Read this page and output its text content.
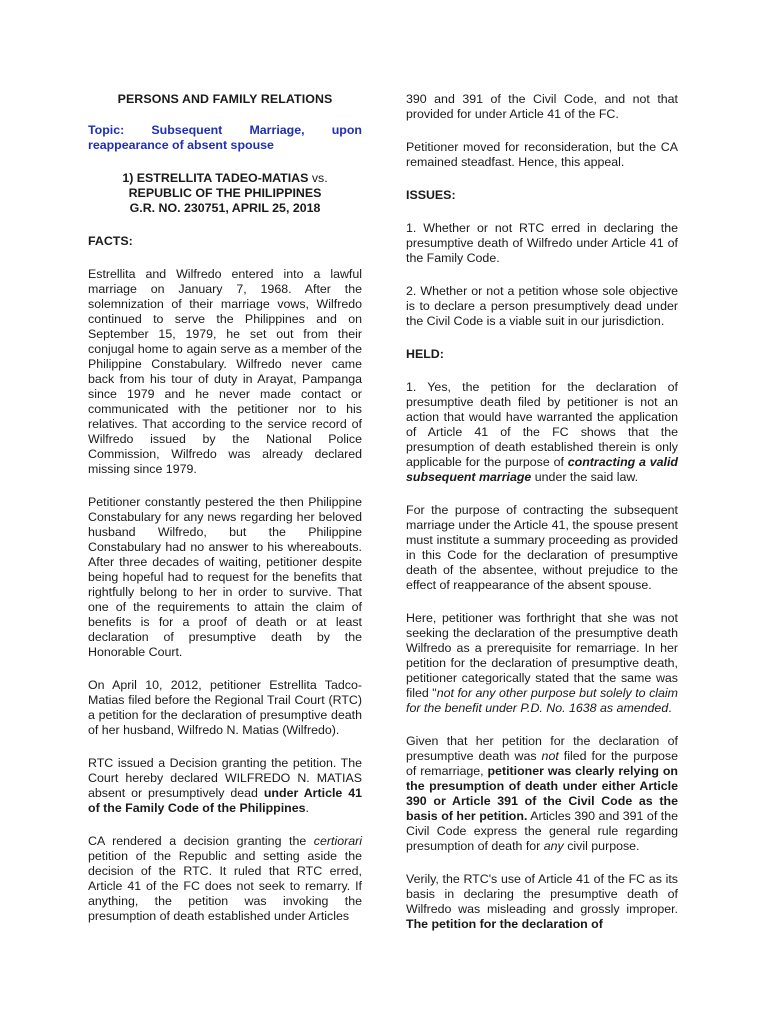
PERSONS AND FAMILY RELATIONS

Topic: Subsequent Marriage, upon reappearance of absent spouse

1) ESTRELLITA TADEO-MATIAS vs.
REPUBLIC OF THE PHILIPPINES
G.R. NO. 230751, APRIL 25, 2018

FACTS:

Estrellita and Wilfredo entered into a lawful marriage on January 7, 1968. After the solemnization of their marriage vows, Wilfredo continued to serve the Philippines and on September 15, 1979, he set out from their conjugal home to again serve as a member of the Philippine Constabulary. Wilfredo never came back from his tour of duty in Arayat, Pampanga since 1979 and he never made contact or communicated with the petitioner nor to his relatives. That according to the service record of Wilfredo issued by the National Police Commission, Wilfredo was already declared missing since 1979.

Petitioner constantly pestered the then Philippine Constabulary for any news regarding her beloved husband Wilfredo, but the Philippine Constabulary had no answer to his whereabouts. After three decades of waiting, petitioner despite being hopeful had to request for the benefits that rightfully belong to her in order to survive. That one of the requirements to attain the claim of benefits is for a proof of death or at least declaration of presumptive death by the Honorable Court.

On April 10, 2012, petitioner Estrellita Tadco-Matias filed before the Regional Trail Court (RTC) a petition for the declaration of presumptive death of her husband, Wilfredo N. Matias (Wilfredo).

RTC issued a Decision granting the petition. The Court hereby declared WILFREDO N. MATIAS absent or presumptively dead under Article 41 of the Family Code of the Philippines.

CA rendered a decision granting the certiorari petition of the Republic and setting aside the decision of the RTC. It ruled that RTC erred, Article 41 of the FC does not seek to remarry. If anything, the petition was invoking the presumption of death established under Articles

390 and 391 of the Civil Code, and not that provided for under Article 41 of the FC.

Petitioner moved for reconsideration, but the CA remained steadfast. Hence, this appeal.

ISSUES:

1. Whether or not RTC erred in declaring the presumptive death of Wilfredo under Article 41 of the Family Code.

2. Whether or not a petition whose sole objective is to declare a person presumptively dead under the Civil Code is a viable suit in our jurisdiction.

HELD:

1. Yes, the petition for the declaration of presumptive death filed by petitioner is not an action that would have warranted the application of Article 41 of the FC shows that the presumption of death established therein is only applicable for the purpose of contracting a valid subsequent marriage under the said law.

For the purpose of contracting the subsequent marriage under the Article 41, the spouse present must institute a summary proceeding as provided in this Code for the declaration of presumptive death of the absentee, without prejudice to the effect of reappearance of the absent spouse.

Here, petitioner was forthright that she was not seeking the declaration of the presumptive death Wilfredo as a prerequisite for remarriage. In her petition for the declaration of presumptive death, petitioner categorically stated that the same was filed "not for any other purpose but solely to claim for the benefit under P.D. No. 1638 as amended.

Given that her petition for the declaration of presumptive death was not filed for the purpose of remarriage, petitioner was clearly relying on the presumption of death under either Article 390 or Article 391 of the Civil Code as the basis of her petition. Articles 390 and 391 of the Civil Code express the general rule regarding presumption of death for any civil purpose.

Verily, the RTC's use of Article 41 of the FC as its basis in declaring the presumptive death of Wilfredo was misleading and grossly improper. The petition for the declaration of
